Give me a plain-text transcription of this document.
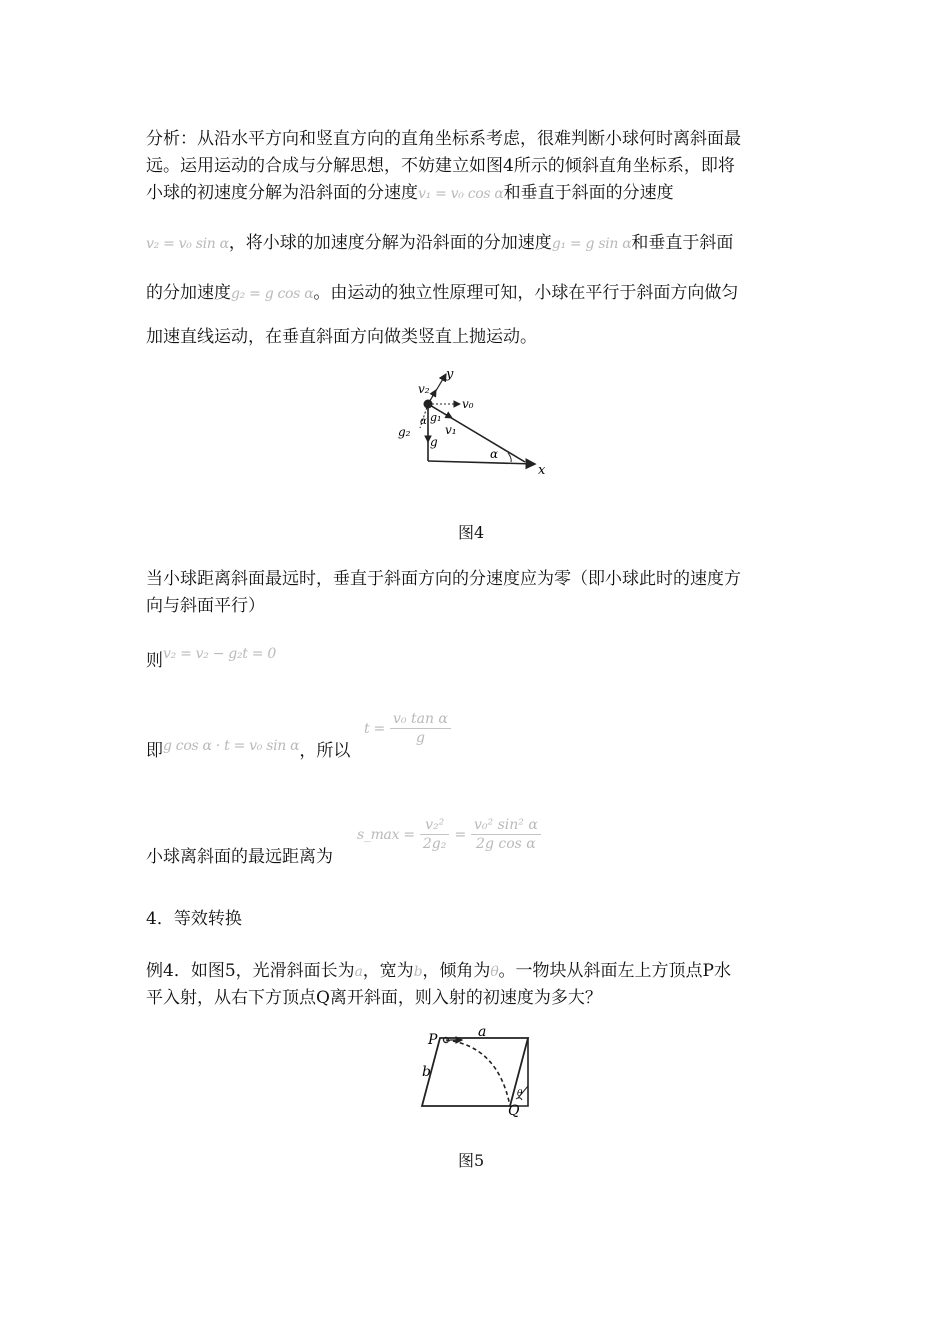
分析：从沿水平方向和竖直方向的直角坐标系考虑，很难判断小球何时离斜面最
远。运用运动的合成与分解思想，不妨建立如图4所示的倾斜直角坐标系，即将
小球的初速度分解为沿斜面的分速度v₁ = v₀ cos α和垂直于斜面的分速度
v₂ = v₀ sin α，将小球的加速度分解为沿斜面的分加速度g₁ = g sin α和垂直于斜面
的分加速度g₂ = g cos α。由运动的独立性原理可知，小球在平行于斜面方向做匀
加速直线运动，在垂直斜面方向做类竖直上抛运动。
y
x
v₂
v₀
v₁
g₁
g₂
g
α
α
图4
当小球距离斜面最远时，垂直于斜面方向的分速度应为零（即小球此时的速度方
向与斜面平行）
则$^{v_2 = v_2 - g_2t = 0}$
即$^{g cos \alpha \cdot t = v_0 sin \alpha}$，所以
$t = \frac{\text{v₀ tan α}}{g}$
小球离斜面的最远距离为
s_max = $\frac{\text{v₂²}}{\text{2g₂}} = \frac{\text{v₀² sin² α}}{\text{2g cos α}}$
4．等效转换
例4．如图5，光滑斜面长为a，宽为b，倾角为θ。一物块从斜面左上方顶点P水
平入射，从右下方顶点Q离开斜面，则入射的初速度为多大？
P
Q
a
b
θ
图5
